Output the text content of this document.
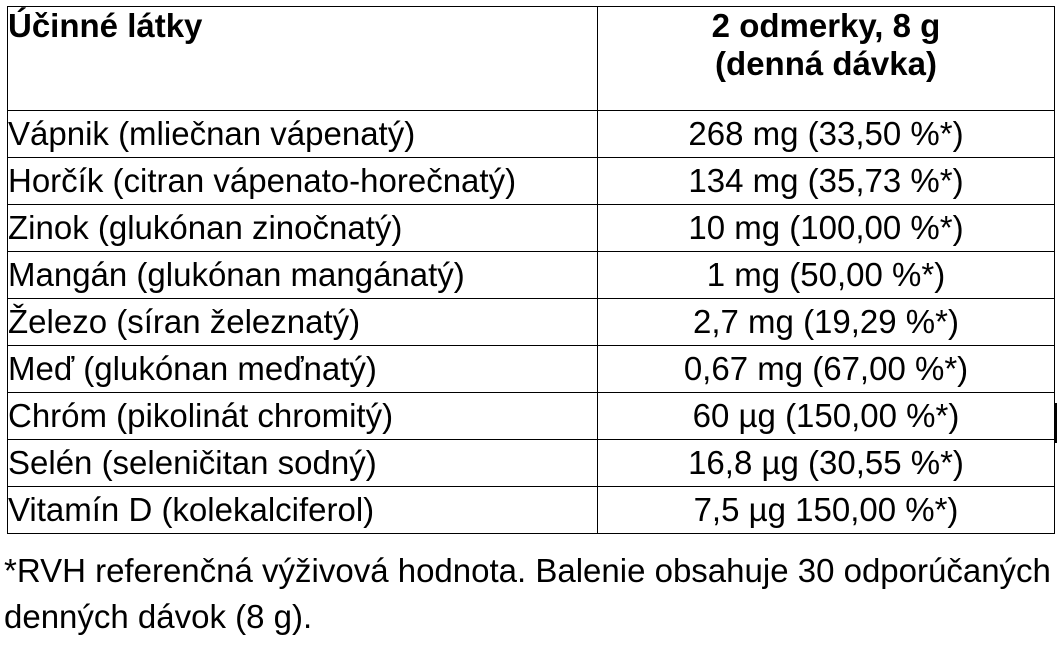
Účinné látky	2 odmerky, 8 g
(denná dávka)

Vápnik (mliečnan vápenatý)	268 mg (33,50 %*)
Horčík (citran vápenato-horečnatý)	134 mg (35,73 %*)
Zinok (glukónan zinočnatý)	10 mg (100,00 %*)
Mangán (glukónan mangánatý)	1 mg (50,00 %*)
Železo (síran železnatý)	2,7 mg (19,29 %*)
Meď (glukónan meďnatý)	0,67 mg (67,00 %*)
Chróm (pikolinát chromitý)	60 µg (150,00 %*)
Selén (seleničitan sodný)	16,8 µg (30,55 %*)
Vitamín D (kolekalciferol)	7,5 µg 150,00 %*)

*RVH referenčná výživová hodnota. Balenie obsahuje 30 odporúčaných denných dávok (8 g).
